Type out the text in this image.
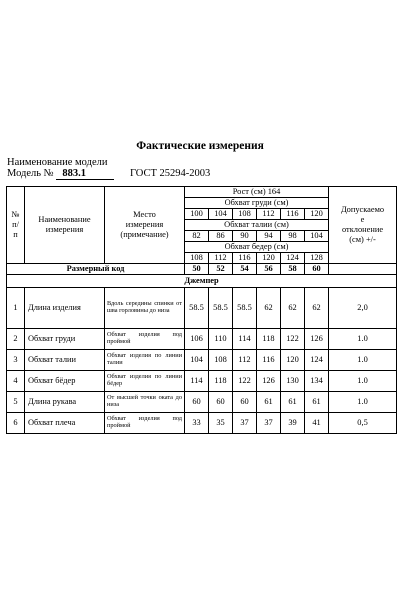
Фактические измерения
Наименование модели
Модель № 883.1	ГОСТ 25294-2003
№
п/
п	Наименование
измерения	Место
измерения
(примечание)	Рост (см) 164						Допускаемо
е
отклонение
(см) +/-
			Обхват груди (см)						
			100	104	108	112	116	120	
			Обхват талии (см)						
			82	86	90	94	98	104	
			Обхват бедер (см)						
			108	112	116	120	124	128	
Размерный код			50	52	54	56	58	60	
Джемпер									
1	Длина изделия	Вдоль середины спинки от шва горловины до низа	58.5	58.5	58.5	62	62	62	2,0
2	Обхват груди	Обхват изделия под проймой	106	110	114	118	122	126	1.0
3	Обхват талии	Обхват изделия по линии талии	104	108	112	116	120	124	1.0
4	Обхват бёдер	Обхват изделия по линии бёдер	114	118	122	126	130	134	1.0
5	Длина рукава	От высшей точки оката до низа	60	60	60	61	61	61	1.0
6	Обхват плеча	Обхват изделия под проймой	33	35	37	37	39	41	0,5
